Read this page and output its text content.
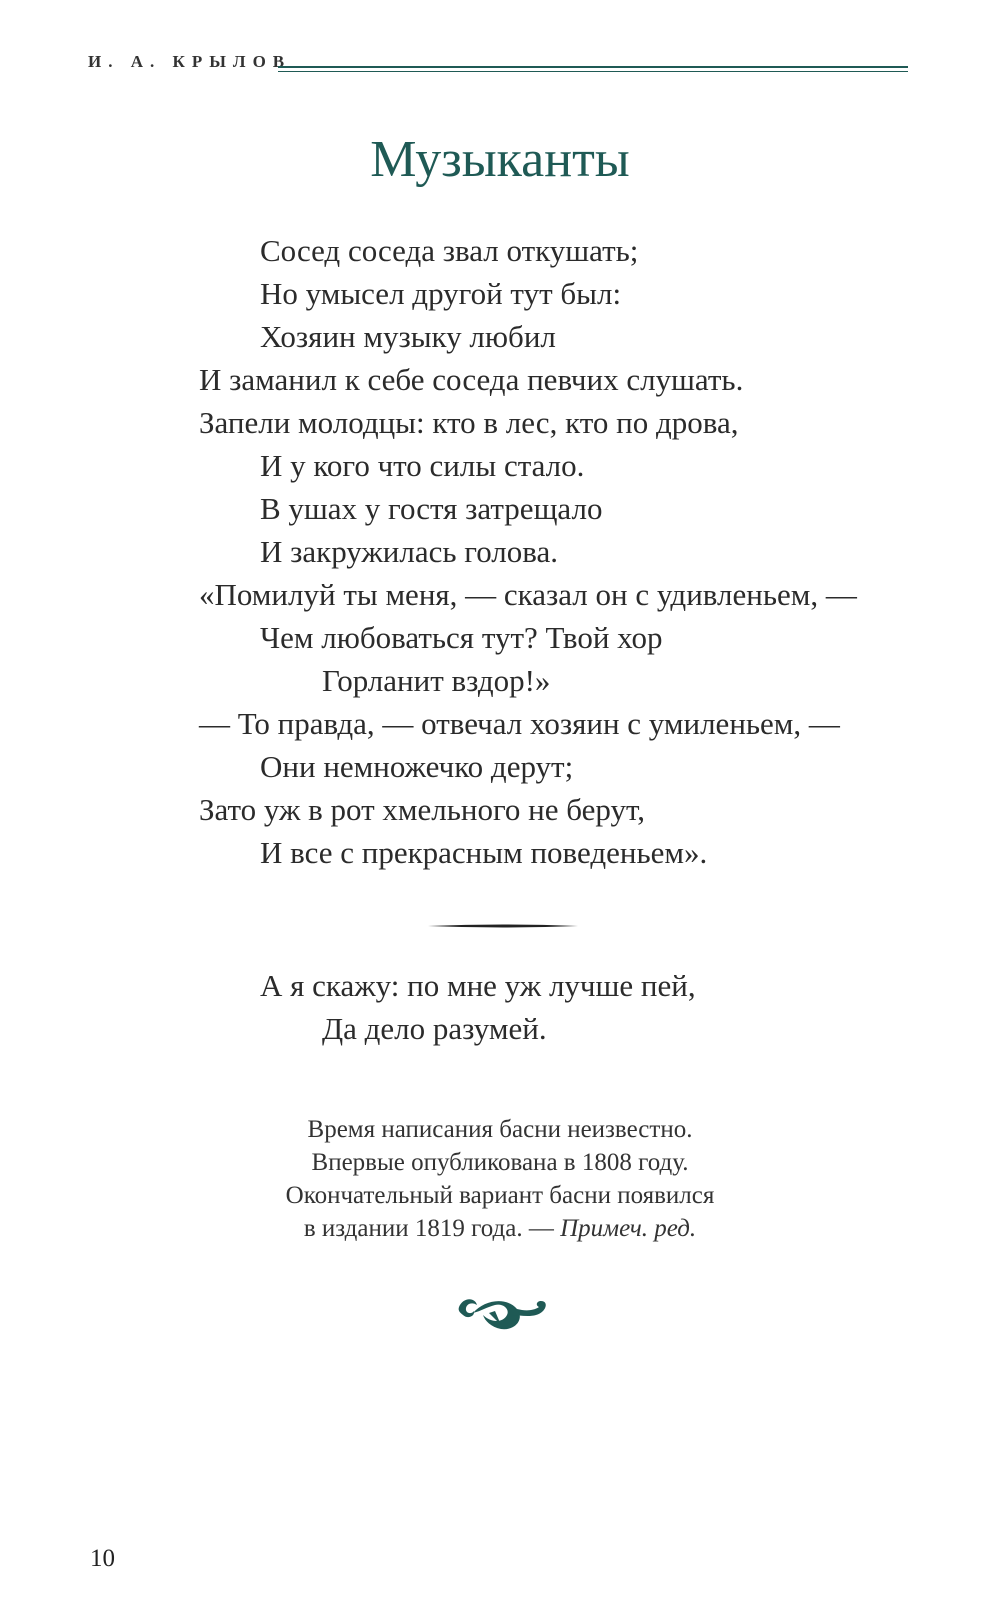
И. А. КРЫЛОВ
Музыканты
Сосед соседа звал откушать;
Но умысел другой тут был:
Хозяин музыку любил
И заманил к себе соседа певчих слушать.
Запели молодцы: кто в лес, кто по дрова,
И у кого что силы стало.
В ушах у гостя затрещало
И закружилась голова.
«Помилуй ты меня, — сказал он с удивленьем, —
Чем любоваться тут? Твой хор
Горланит вздор!»
— То правда, — отвечал хозяин с умиленьем, —
Они немножечко дерут;
Зато уж в рот хмельного не берут,
И все с прекрасным поведеньем».
А я скажу: по мне уж лучше пей,
Да дело разумей.
Время написания басни неизвестно.
Впервые опубликована в 1808 году.
Окончательный вариант басни появился
в издании 1819 года. — Примеч. ред.
10
